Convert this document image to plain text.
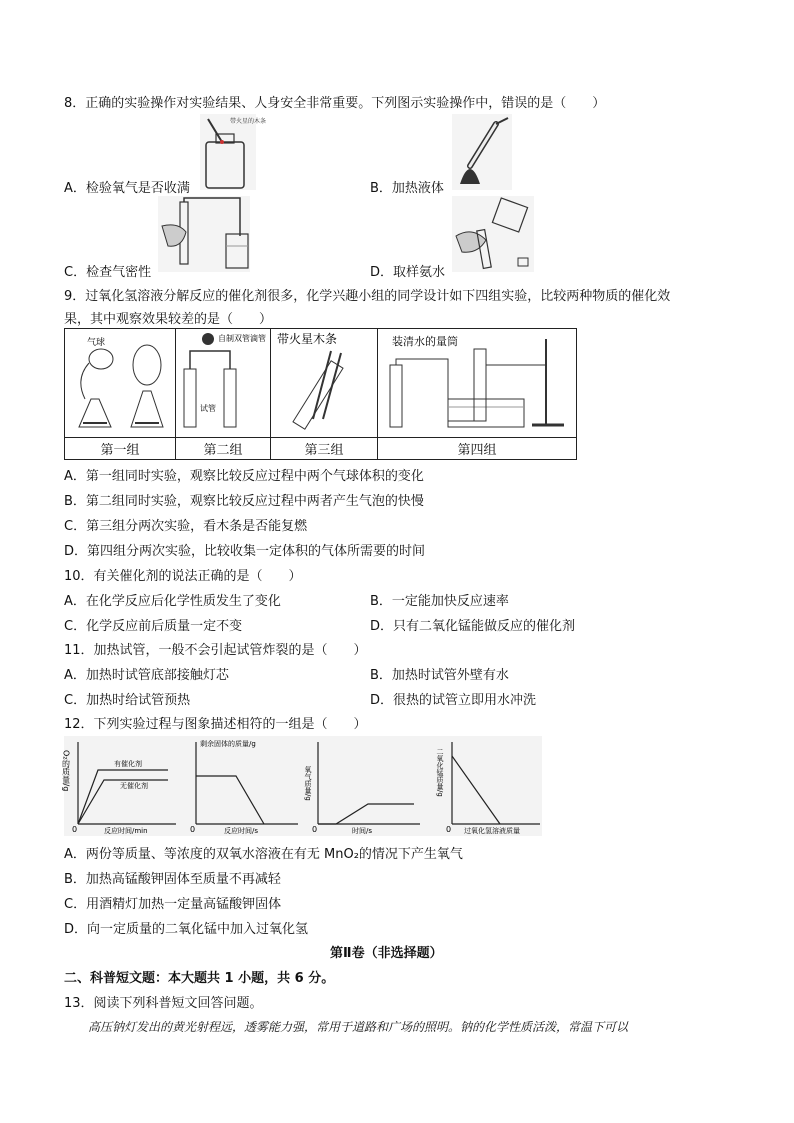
8．正确的实验操作对实验结果、人身安全非常重要。下列图示实验操作中，错误的是（　　）
带火星的木条
A．检验氧气是否收满	B．加热液体
C．检查气密性	D．取样氨水
9．过氧化氢溶液分解反应的催化剂很多，化学兴趣小组的同学设计如下四组实验，比较两种物质的催化效
果，其中观察效果较差的是（　　）
气球	自制双管滴管
试管	带火星木条	装清水的量筒

第一组	第二组	第三组	第四组
A．第一组同时实验，观察比较反应过程中两个气球体积的变化
B．第二组同时实验，观察比较反应过程中两者产生气泡的快慢
C．第三组分两次实验，看木条是否能复燃
D．第四组分两次实验，比较收集一定体积的气体所需要的时间
10．有关催化剂的说法正确的是（　　）
A．在化学反应后化学性质发生了变化	B．一定能加快反应速率
C．化学反应前后质量一定不变	D．只有二氧化锰能做反应的催化剂
11．加热试管，一般不会引起试管炸裂的是（　　）
A．加热时试管底部接触灯芯	B．加热时试管外壁有水
C．加热时给试管预热	D．很热的试管立即用水冲洗
12．下列实验过程与图象描述相符的一组是（　　）
O₂的质量/g
反应时间/min
有催化剂
无催化剂
0
剩余固体的质量/g
反应时间/s
0
氧气质量/g
时间/s
0
二氧化锰质量/g
过氧化氢溶液质量
0
A．两份等质量、等浓度的双氧水溶液在有无 MnO₂的情况下产生氧气
B．加热高锰酸钾固体至质量不再减轻
C．用酒精灯加热一定量高锰酸钾固体
D．向一定质量的二氧化锰中加入过氧化氢
第Ⅱ卷（非选择题）
二、科普短文题：本大题共 1 小题，共 6 分。
13．阅读下列科普短文回答问题。
高压钠灯发出的黄光射程远，透雾能力强，常用于道路和广场的照明。钠的化学性质活泼，常温下可以
